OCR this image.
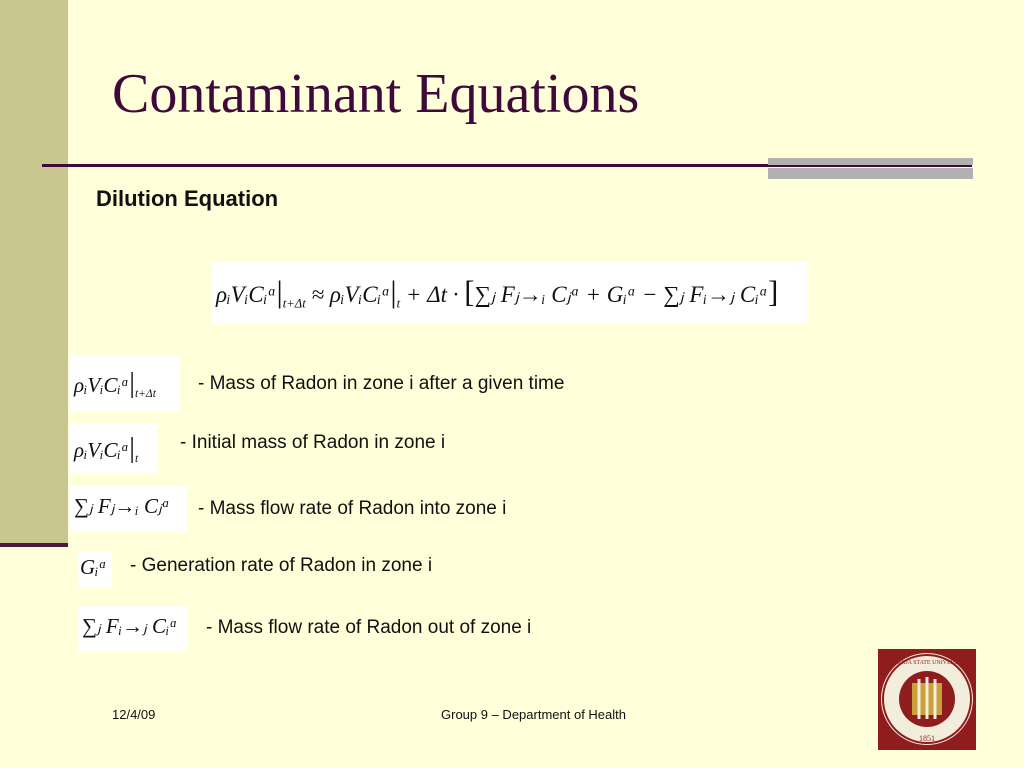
Contaminant Equations
Dilution Equation
$\rho ᵢVᵢCᵢᵅ|_{t+\Delta t}$ ≈ $\rho ᵢVᵢCᵢᵅ|_t + \Delta t$ · [∑ⱼ Fⱼ→ᵢ Cⱼᵅ + Gᵢᵅ − ∑ⱼ Fᵢ→ⱼ Cᵢᵅ]
$\rho ᵢVᵢCᵢᵅ|_{t+\Delta t}$
- Mass of Radon in zone i after a given time
$\rho ᵢVᵢCᵢᵅ|_t$
- Initial mass of Radon in zone i
∑ⱼ Fⱼ→ᵢ Cⱼᵅ - Mass flow rate of Radon into zone i
Gᵢᵅ - Generation rate of Radon in zone i
∑ⱼ Fᵢ→ⱼ Cᵢᵅ - Mass flow rate of Radon out of zone i
12/4/09	Group 9 – Department of Health
FLORIDA STATE UNIVERSITY
1851
